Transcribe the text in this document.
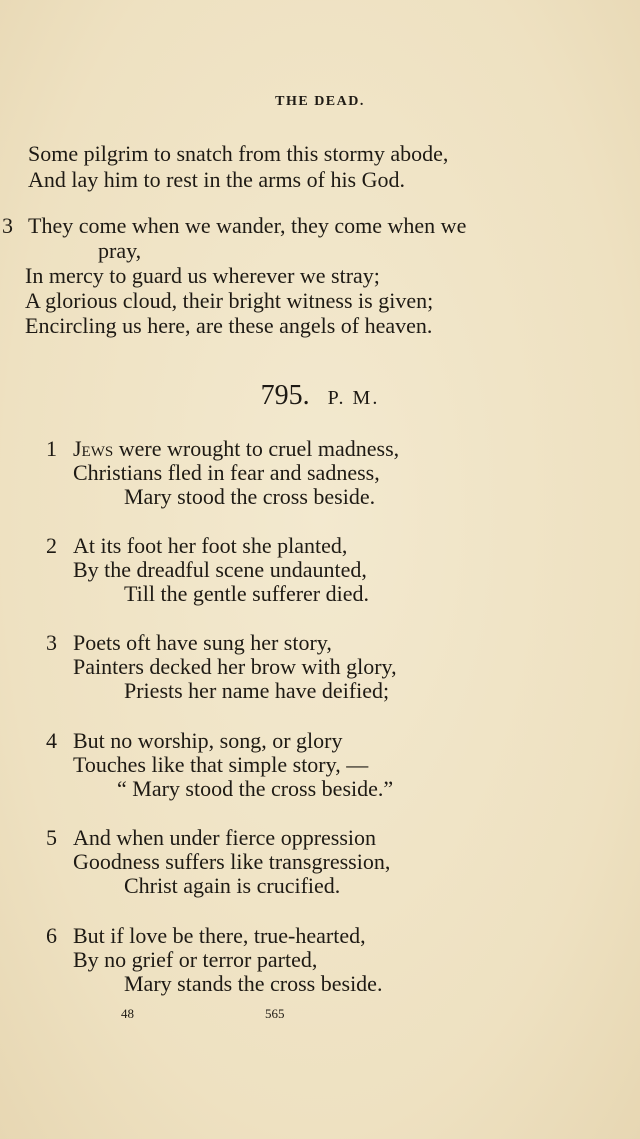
THE DEAD.
Some pilgrim to snatch from this stormy abode,
And lay him to rest in the arms of his God.
3 They come when we wander, they come when we
pray,
In mercy to guard us wherever we stray;
A glorious cloud, their bright witness is given;
Encircling us here, are these angels of heaven.
795. P. M.
1 Jews were wrought to cruel madness,
Christians fled in fear and sadness,
Mary stood the cross beside.
2 At its foot her foot she planted,
By the dreadful scene undaunted,
Till the gentle sufferer died.
3 Poets oft have sung her story,
Painters decked her brow with glory,
Priests her name have deified;
4 But no worship, song, or glory
Touches like that simple story, —
“ Mary stood the cross beside.”
5 And when under fierce oppression
Goodness suffers like transgression,
Christ again is crucified.
6 But if love be there, true-hearted,
By no grief or terror parted,
Mary stands the cross beside.
48	565
